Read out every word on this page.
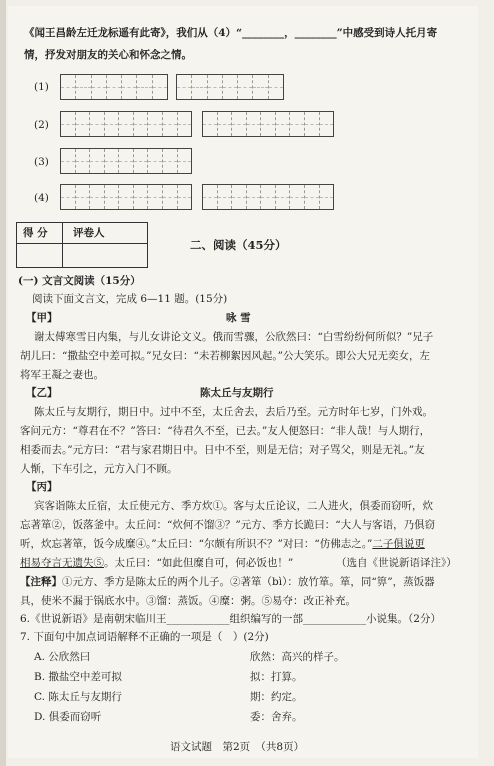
《闻王昌龄左迁龙标遥有此寄》，我们从（4）“________，________”中感受到诗人托月寄
情，抒发对朋友的关心和怀念之情。
(1)
(2)
(3)
(4)
得 分 评卷人
二、阅读（45分）
(一) 文言文阅读（15分）
阅读下面文言文，完成 6—11 题。(15分)
【甲】	咏 雪
谢太傅寒雪日内集，与儿女讲论文义。俄而雪骤，公欣然曰：“白雪纷纷何所似？”兄子
胡儿曰：“撒盐空中差可拟。”兄女曰：“未若柳絮因风起。”公大笑乐。即公大兄无奕女，左
将军王凝之妻也。
【乙】	陈太丘与友期行
陈太丘与友期行，期日中。过中不至，太丘舍去，去后乃至。元方时年七岁，门外戏。
客问元方：“尊君在不？”答曰：“待君久不至，已去。”友人便怒曰：“非人哉！与人期行，
相委而去。”元方曰：“君与家君期日中。日中不至，则是无信；对子骂父，则是无礼。”友
人惭，下车引之，元方入门不顾。
【丙】
宾客诣陈太丘宿，太丘使元方、季方炊①。客与太丘论议，二人进火，俱委而窃听，炊
忘著箪②，饭落釜中。太丘问：“炊何不馏③？”元方、季方长跪曰：“大人与客语，乃俱窃
听，炊忘著箪，饭今成糜④。”太丘曰：“尔颇有所识不？”对曰：“仿佛志之。”二子俱说更
相易夺言无遗失⑤。太丘曰：“如此但糜自可，何必饭也！”	（选自《世说新语译注》）
【注释】①元方、季方是陈太丘的两个儿子。②著箪（bì）：放竹箪。箪，同“箅”，蒸饭器
具，使米不漏于锅底水中。③馏：蒸饭。④糜：粥。⑤易夺：改正补充。
6.《世说新语》是南朝宋临川王____________组织编写的一部____________小说集。（2分）
7. 下面句中加点词语解释不正确的一项是（　）(2分)
A. 公欣然曰	欣然：高兴的样子。
B. 撒盐空中差可拟	拟：打算。
C. 陈太丘与友期行	期：约定。
D. 俱委而窃听	委：舍弃。
语文试题　第2页　（共8页）
